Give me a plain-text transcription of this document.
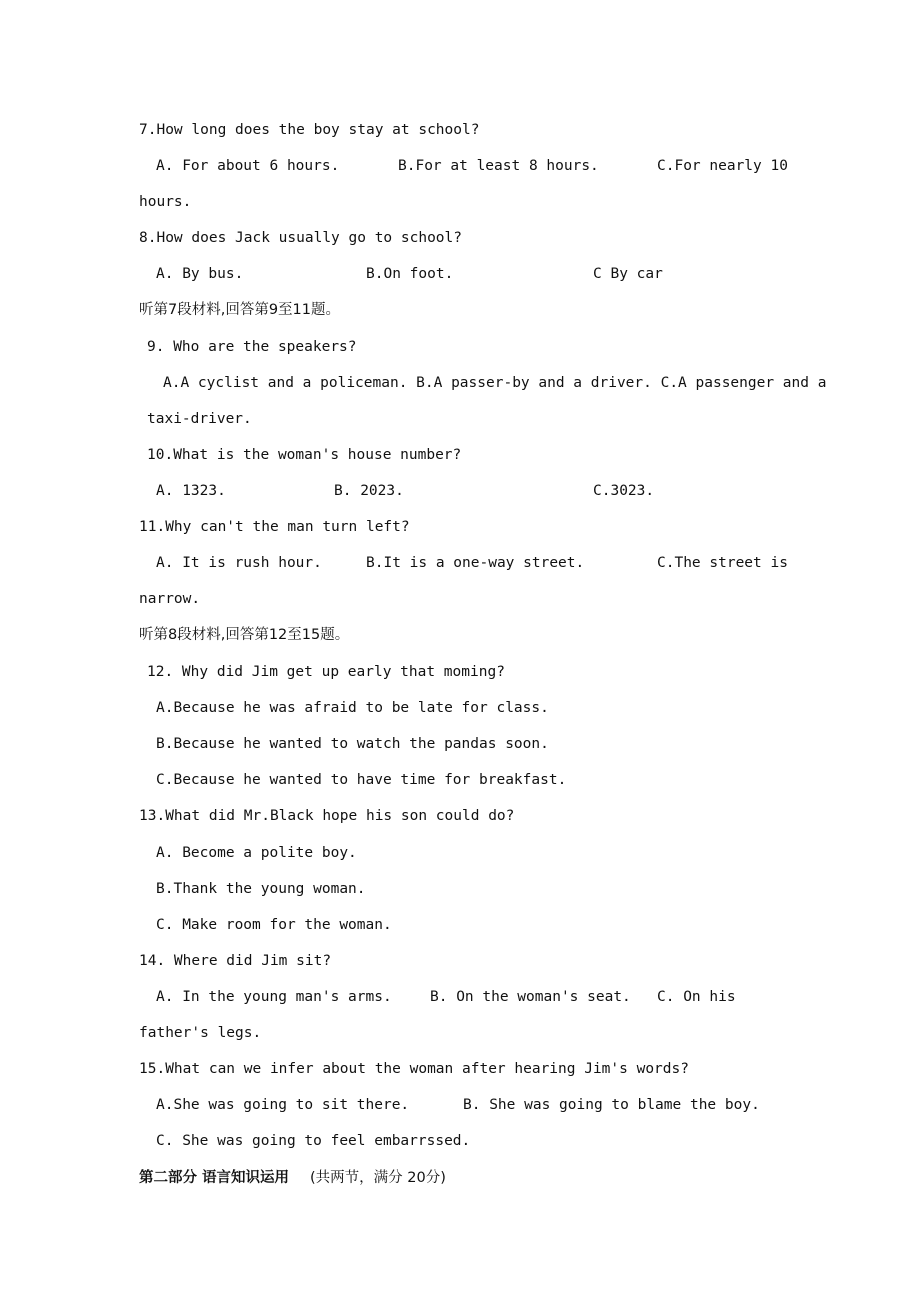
7.How long does the boy stay at school?

A. For about 6 hours.

	B.For at least 8 hours.

	C.For nearly 10

hours.

8.How does Jack usually go to school?

A. By bus.

	B.On foot.

	C By car

听第7段材料,回答第9至11题。

9. Who are the speakers?

A.A cyclist and a policeman. B.A passer-by and a driver. C.A passenger and a

taxi-driver.

10.What is the woman's house number?

A. 1323.

	B. 2023.

	C.3023.

11.Why can't the man turn left?

A. It is rush hour.

	B.It is a one-way street.

	C.The street is

narrow.

听第8段材料,回答第12至15题。

12. Why did Jim get up early that moming?

A.Because he was afraid to be late for class.

B.Because he wanted to watch the pandas soon.

C.Because he wanted to have time for breakfast.

13.What did Mr.Black hope his son could do?

A. Become a polite boy.

B.Thank the young woman.

C. Make room for the woman.

14. Where did Jim sit?

A. In the young man's arms.

	B. On the woman's seat.

C. On his

father's legs.

15.What can we infer about the woman after hearing Jim's words?

A.She was going to sit there.

	B. She was going to blame the boy.

C. She was going to feel embarrssed.

第二部分 语言知识运用

(共两节，满分 20分)
